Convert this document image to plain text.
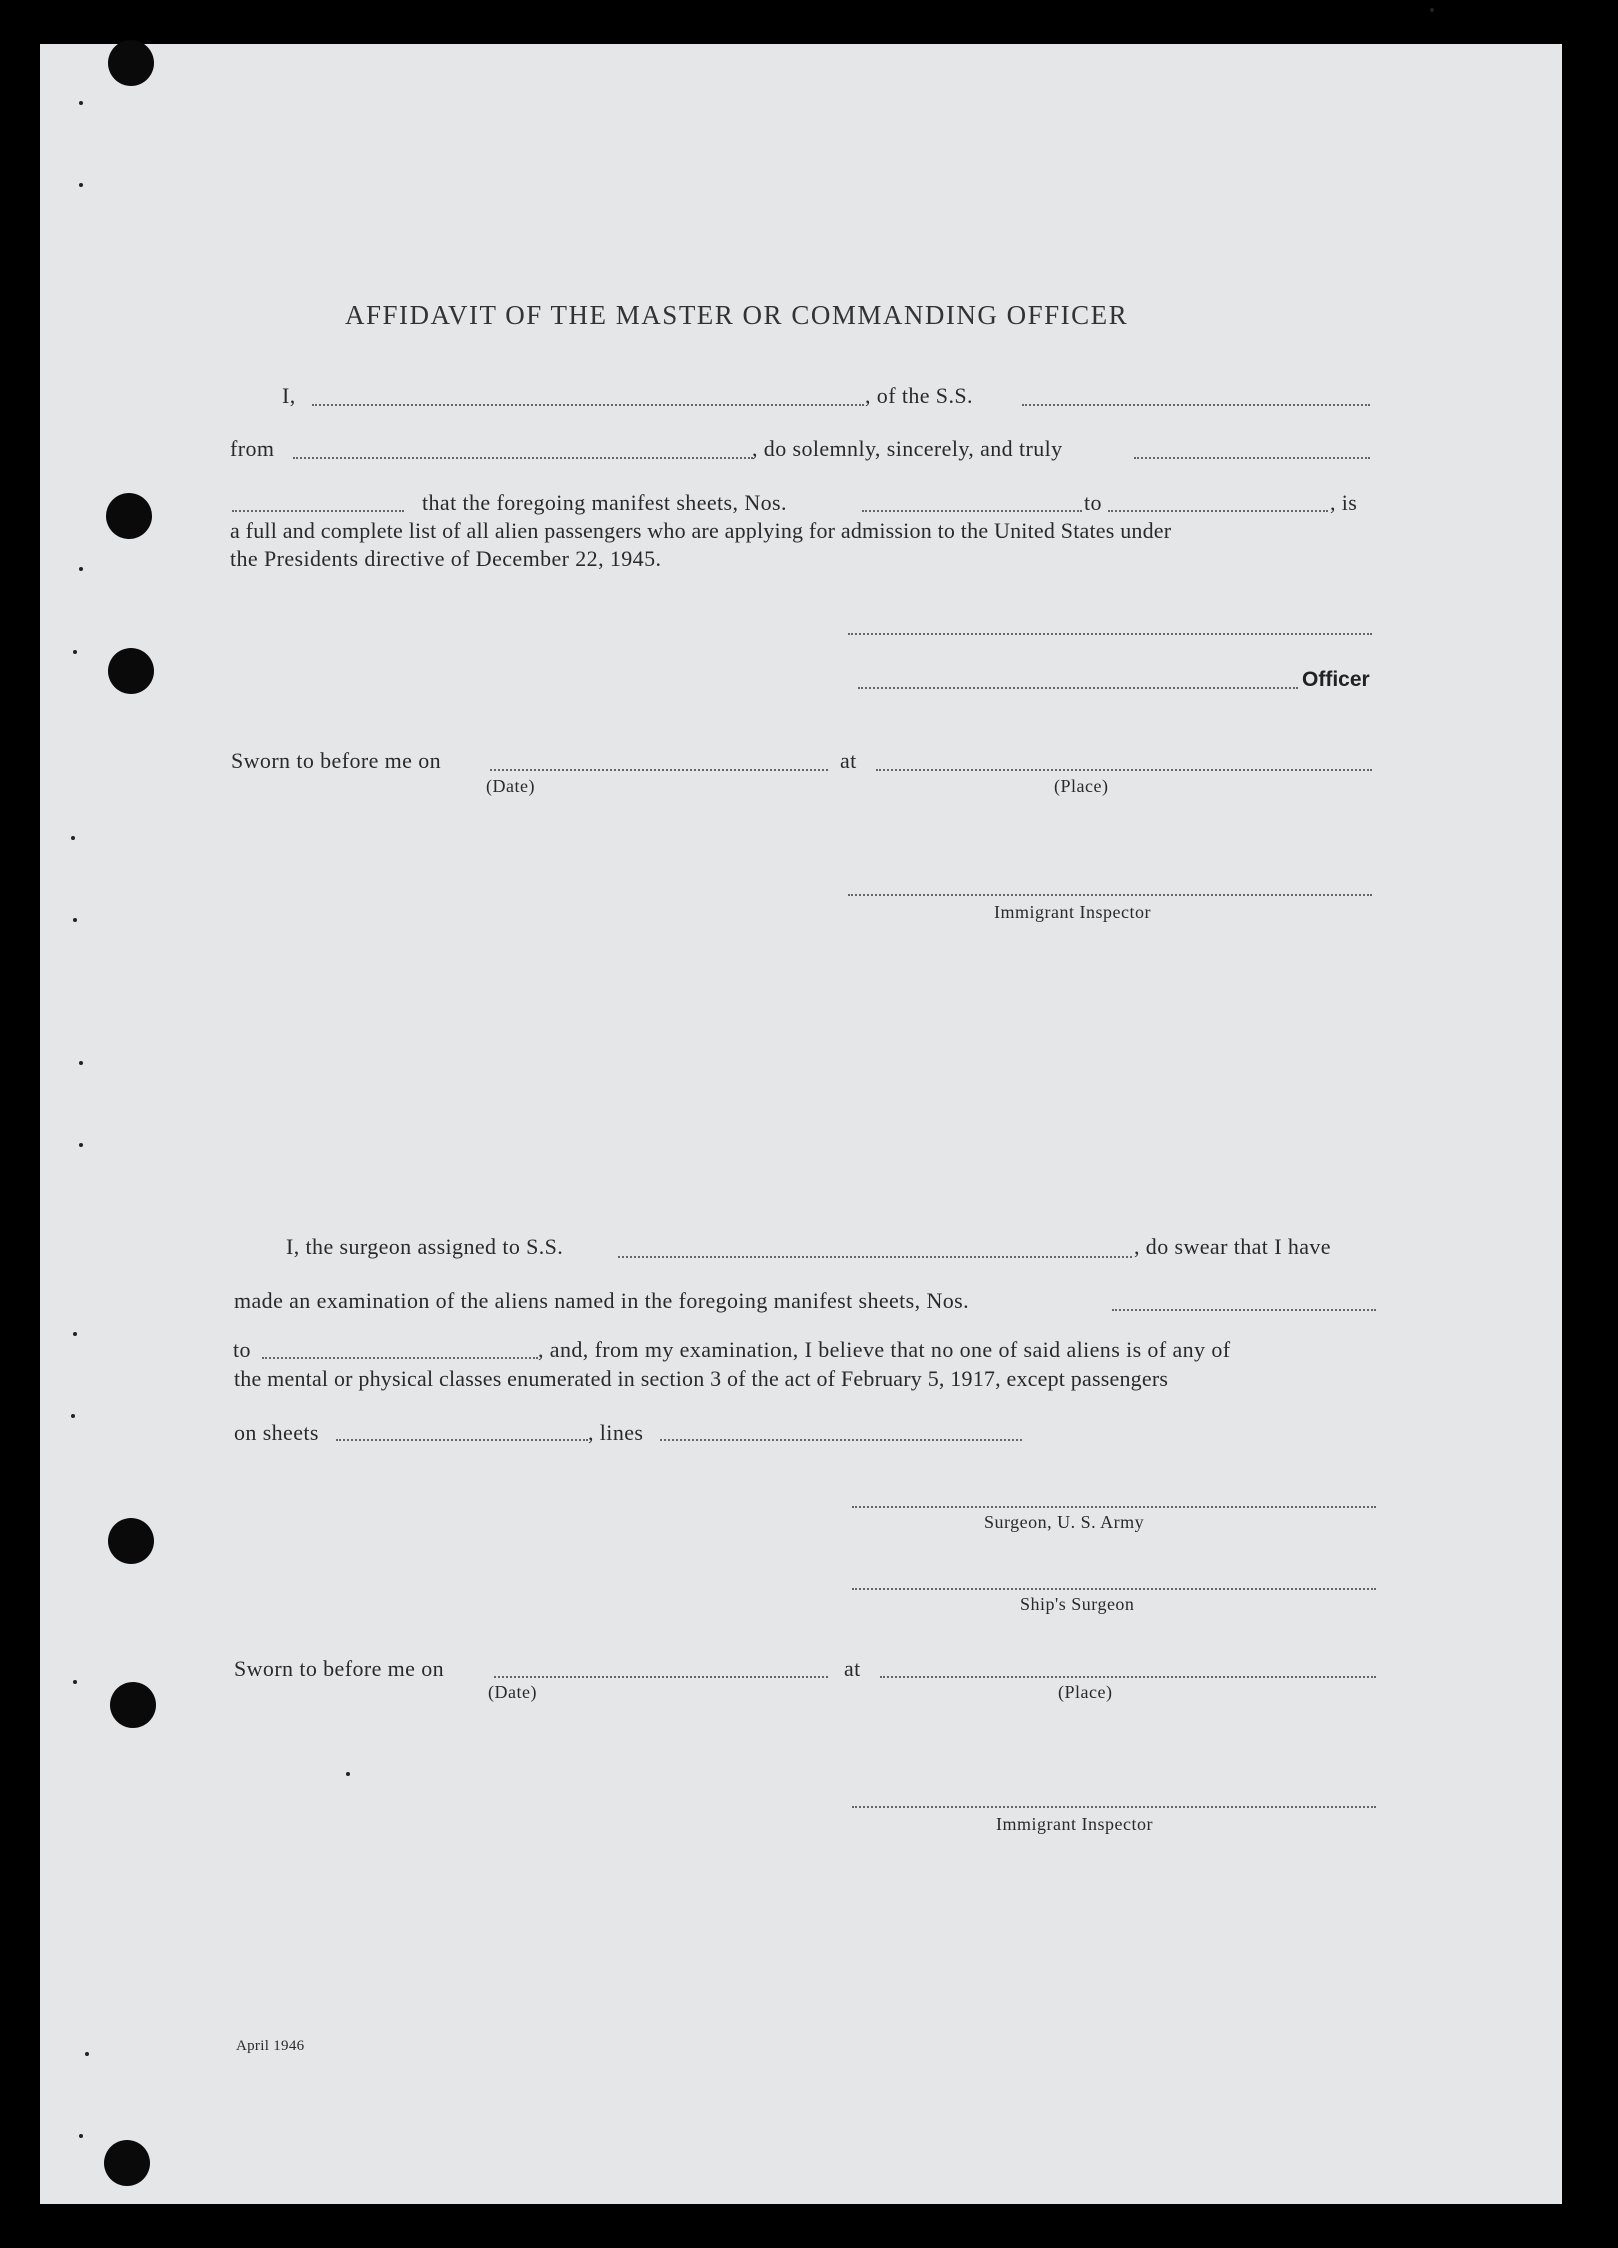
AFFIDAVIT OF THE MASTER OR COMMANDING OFFICER
I,	, of the S.S.
from	, do solemnly, sincerely, and truly
that the foregoing manifest sheets, Nos.	to	, is
a full and complete list of all alien passengers who are applying for admission to the United States under
the Presidents directive of December 22, 1945.
Officer
Sworn to before me on
(Date)
at
(Place)
Immigrant Inspector
I, the surgeon assigned to S.S.	, do swear that I have
made an examination of the aliens named in the foregoing manifest sheets, Nos.
to	, and, from my examination, I believe that no one of said aliens is of any of
the mental or physical classes enumerated in section 3 of the act of February 5, 1917, except passengers
on sheets	, lines
Surgeon, U. S. Army
Ship's Surgeon
Sworn to before me on
(Date)
at
(Place)
Immigrant Inspector
April 1946
